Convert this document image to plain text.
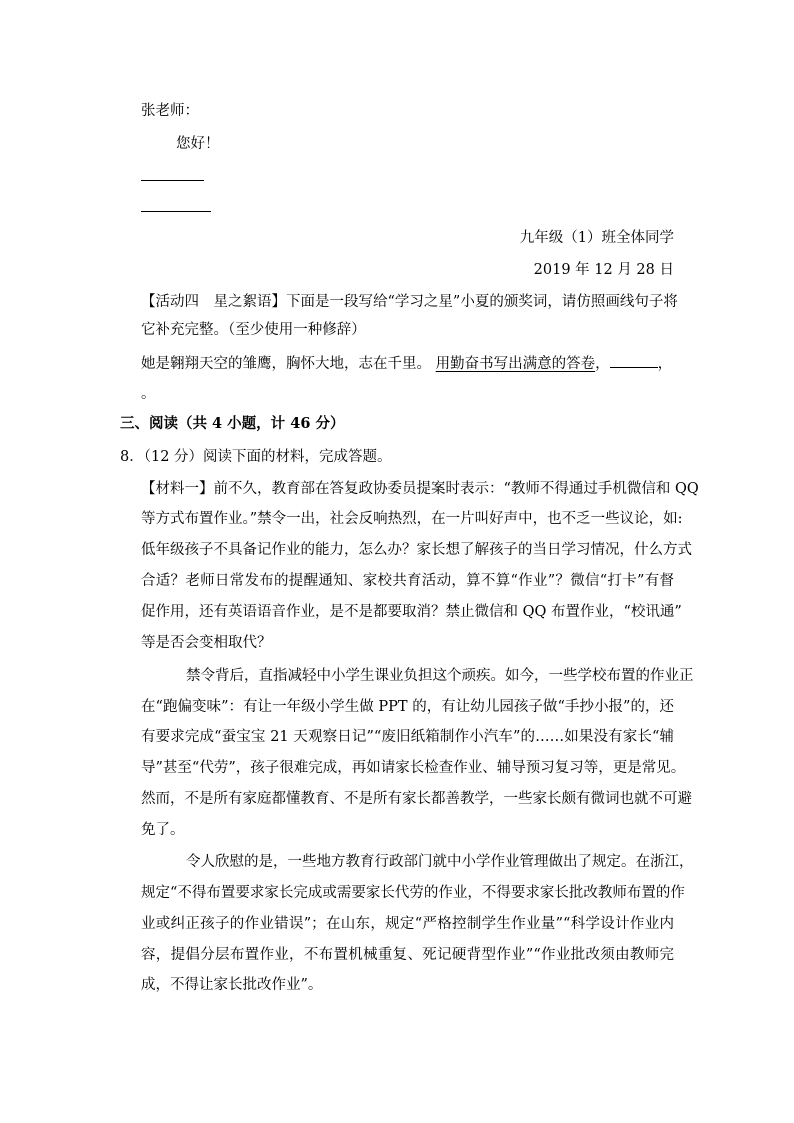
张老师：
您好！
九年级（1）班全体同学
2019 年 12 月 28 日
【活动四　星之絮语】下面是一段写给“学习之星”小夏的颁奖词，请仿照画线句子将
它补充完整。（至少使用一种修辞）
她是翱翔天空的雏鹰，胸怀大地，志在千里。 用勤奋书写出满意的答卷，	，
。
三、阅读（共 4 小题，计 46 分）
8．（12 分）阅读下面的材料，完成答题。
【材料一】前不久，教育部在答复政协委员提案时表示：“教师不得通过手机微信和 QQ
等方式布置作业。”禁令一出，社会反响热烈，在一片叫好声中，也不乏一些议论，如:
低年级孩子不具备记作业的能力，怎么办？家长想了解孩子的当日学习情况，什么方式
合适？老师日常发布的提醒通知、家校共育活动，算不算“作业”？微信“打卡”有督
促作用，还有英语语音作业，是不是都要取消？禁止微信和 QQ 布置作业，“校讯通”
等是否会变相取代？
禁令背后，直指减轻中小学生课业负担这个顽疾。如今，一些学校布置的作业正
在“跑偏变味”：有让一年级小学生做 PPT 的，有让幼儿园孩子做“手抄小报”的，还
有要求完成“蚕宝宝 21 天观察日记”“废旧纸箱制作小汽车”的……如果没有家长“辅
导”甚至“代劳”，孩子很难完成，再如请家长检查作业、辅导预习复习等，更是常见。
然而，不是所有家庭都懂教育、不是所有家长都善教学，一些家长颇有微词也就不可避
免了。
令人欣慰的是，一些地方教育行政部门就中小学作业管理做出了规定。在浙江，
规定“不得布置要求家长完成或需要家长代劳的作业，不得要求家长批改教师布置的作
业或纠正孩子的作业错误”；在山东，规定“严格控制学生作业量”“科学设计作业内
容，提倡分层布置作业，不布置机械重复、死记硬背型作业”“作业批改须由教师完
成，不得让家长批改作业”。
